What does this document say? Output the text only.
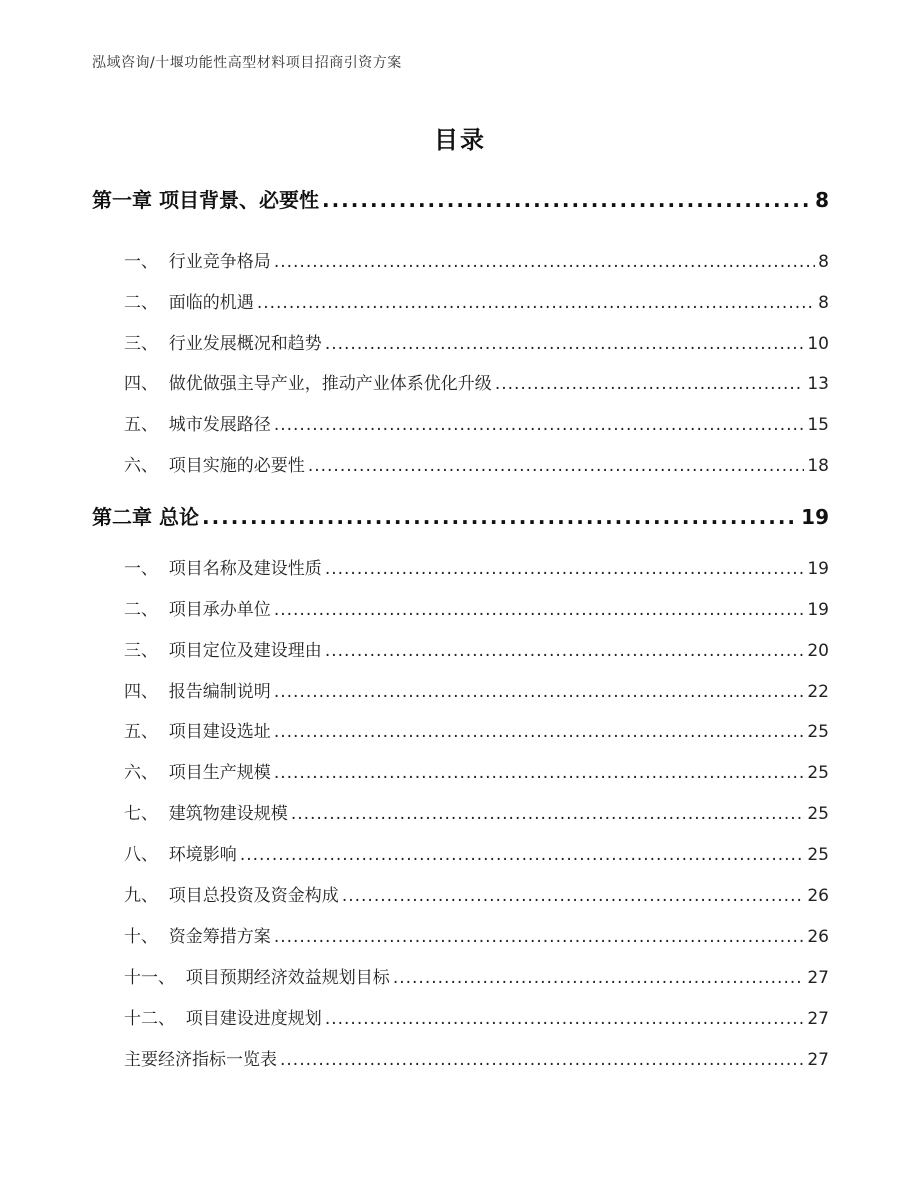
泓域咨询/十堰功能性高型材料项目招商引资方案
目录
第一章 项目背景、必要性 .....	8
一、  行业竞争格局 .....	8
二、  面临的机遇 .....	8
三、  行业发展概况和趋势 .....	10
四、  做优做强主导产业，推动产业体系优化升级 .....	13
五、  城市发展路径 .....	15
六、  项目实施的必要性 .....	18
第二章 总论 .....	19
一、  项目名称及建设性质 .....	19
二、  项目承办单位 .....	19
三、  项目定位及建设理由 .....	20
四、  报告编制说明 .....	22
五、  项目建设选址 .....	25
六、  项目生产规模 .....	25
七、  建筑物建设规模 .....	25
八、  环境影响 .....	25
九、  项目总投资及资金构成 .....	26
十、  资金筹措方案 .....	26
十一、  项目预期经济效益规划目标 .....	27
十二、  项目建设进度规划 .....	27
主要经济指标一览表 .....	27
